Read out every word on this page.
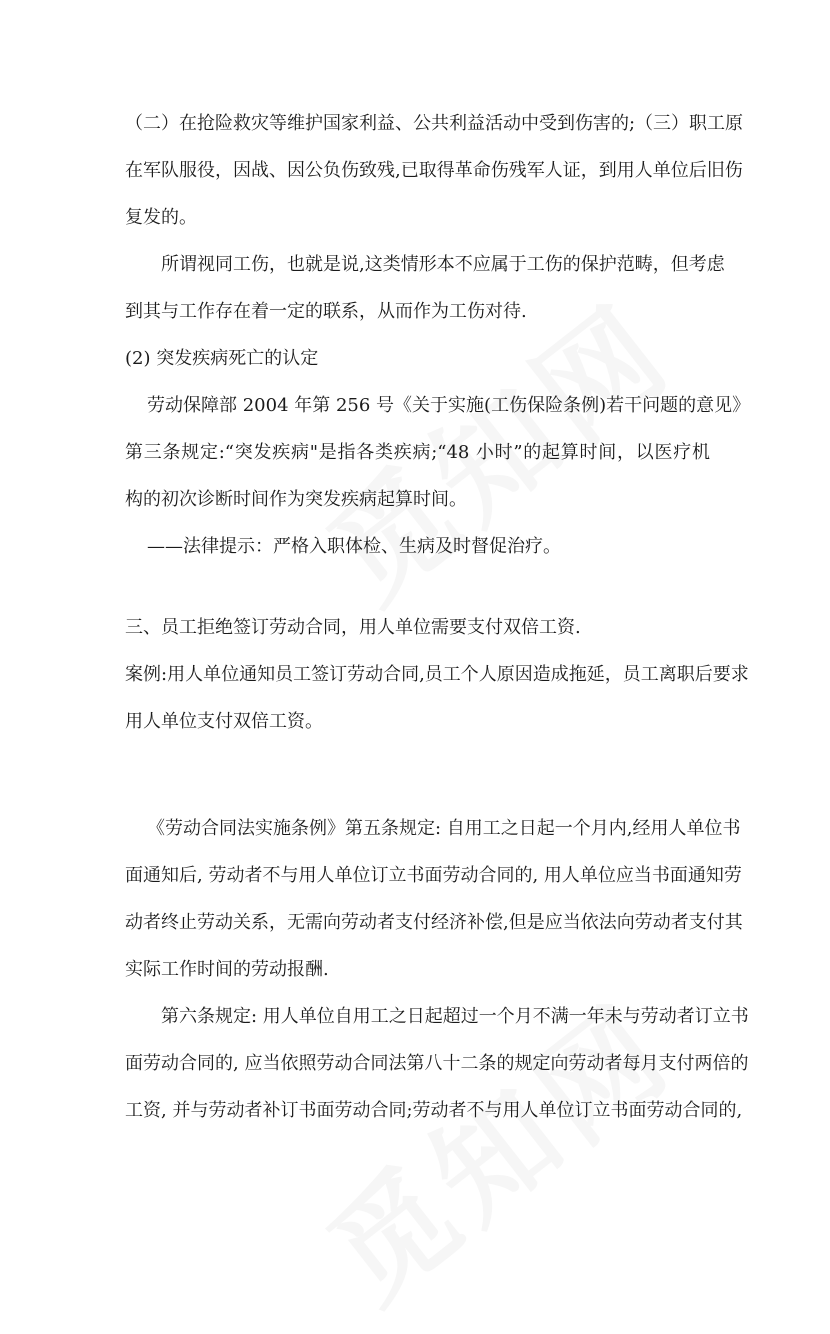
（二）在抢险救灾等维护国家利益、公共利益活动中受到伤害的;（三）职工原
在军队服役，因战、因公负伤致残,已取得革命伤残军人证，到用人单位后旧伤
复发的。
所谓视同工伤，也就是说,这类情形本不应属于工伤的保护范畴，但考虑
到其与工作存在着一定的联系，从而作为工伤对待.
(2) 突发疾病死亡的认定
劳动保障部 2004 年第 256 号《关于实施(工伤保险条例)若干问题的意见》
第三条规定:“突发疾病"是指各类疾病;“48 小时”的起算时间，以医疗机
构的初次诊断时间作为突发疾病起算时间。
——法律提示：严格入职体检、生病及时督促治疗。
三、员工拒绝签订劳动合同，用人单位需要支付双倍工资.
案例:用人单位通知员工签订劳动合同,员工个人原因造成拖延，员工离职后要求
用人单位支付双倍工资。
《劳动合同法实施条例》第五条规定: 自用工之日起一个月内,经用人单位书
面通知后, 劳动者不与用人单位订立书面劳动合同的, 用人单位应当书面通知劳
动者终止劳动关系，无需向劳动者支付经济补偿,但是应当依法向劳动者支付其
实际工作时间的劳动报酬.
第六条规定: 用人单位自用工之日起超过一个月不满一年未与劳动者订立书
面劳动合同的, 应当依照劳动合同法第八十二条的规定向劳动者每月支付两倍的
工资, 并与劳动者补订书面劳动合同;劳动者不与用人单位订立书面劳动合同的,
